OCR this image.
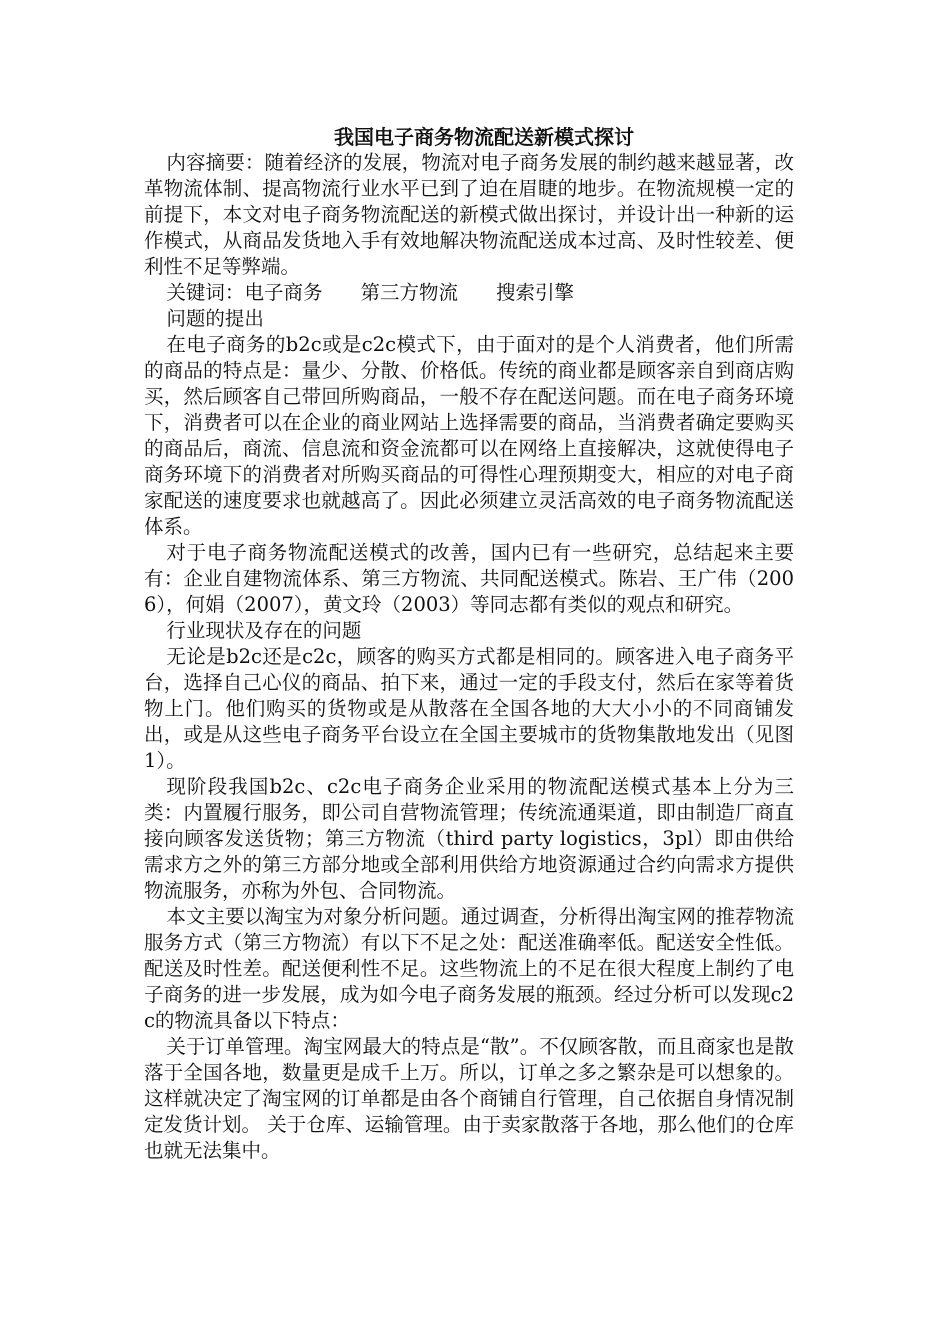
我国电子商务物流配送新模式探讨

内容摘要：随着经济的发展，物流对电子商务发展的制约越来越显著，改革物流体制、提高物流行业水平已到了迫在眉睫的地步。在物流规模一定的前提下，本文对电子商务物流配送的新模式做出探讨，并设计出一种新的运作模式，从商品发货地入手有效地解决物流配送成本过高、及时性较差、便利性不足等弊端。

关键词：电子商务 第三方物流 搜索引擎

问题的提出

在电子商务的b2c或是c2c模式下，由于面对的是个人消费者，他们所需的商品的特点是：量少、分散、价格低。传统的商业都是顾客亲自到商店购买，然后顾客自己带回所购商品，一般不存在配送问题。而在电子商务环境下，消费者可以在企业的商业网站上选择需要的商品，当消费者确定要购买的商品后，商流、信息流和资金流都可以在网络上直接解决，这就使得电子商务环境下的消费者对所购买商品的可得性心理预期变大，相应的对电子商家配送的速度要求也就越高了。因此必须建立灵活高效的电子商务物流配送体系。

对于电子商务物流配送模式的改善，国内已有一些研究，总结起来主要有：企业自建物流体系、第三方物流、共同配送模式。陈岩、王广伟（2006），何娟（2007），黄文玲（2003）等同志都有类似的观点和研究。

行业现状及存在的问题

无论是b2c还是c2c，顾客的购买方式都是相同的。顾客进入电子商务平台，选择自己心仪的商品、拍下来，通过一定的手段支付，然后在家等着货物上门。他们购买的货物或是从散落在全国各地的大大小小的不同商铺发出，或是从这些电子商务平台设立在全国主要城市的货物集散地发出（见图1）。

现阶段我国b2c、c2c电子商务企业采用的物流配送模式基本上分为三类：内置履行服务，即公司自营物流管理；传统流通渠道，即由制造厂商直接向顾客发送货物；第三方物流（third party logistics，3pl）即由供给需求方之外的第三方部分地或全部利用供给方地资源通过合约向需求方提供物流服务，亦称为外包、合同物流。

本文主要以淘宝为对象分析问题。通过调查，分析得出淘宝网的推荐物流服务方式（第三方物流）有以下不足之处：配送准确率低。配送安全性低。配送及时性差。配送便利性不足。这些物流上的不足在很大程度上制约了电子商务的进一步发展，成为如今电子商务发展的瓶颈。经过分析可以发现c2c的物流具备以下特点：

关于订单管理。淘宝网最大的特点是“散”。不仅顾客散，而且商家也是散落于全国各地，数量更是成千上万。所以，订单之多之繁杂是可以想象的。这样就决定了淘宝网的订单都是由各个商铺自行管理，自己依据自身情况制定发货计划。 关于仓库、运输管理。由于卖家散落于各地，那么他们的仓库也就无法集中。
